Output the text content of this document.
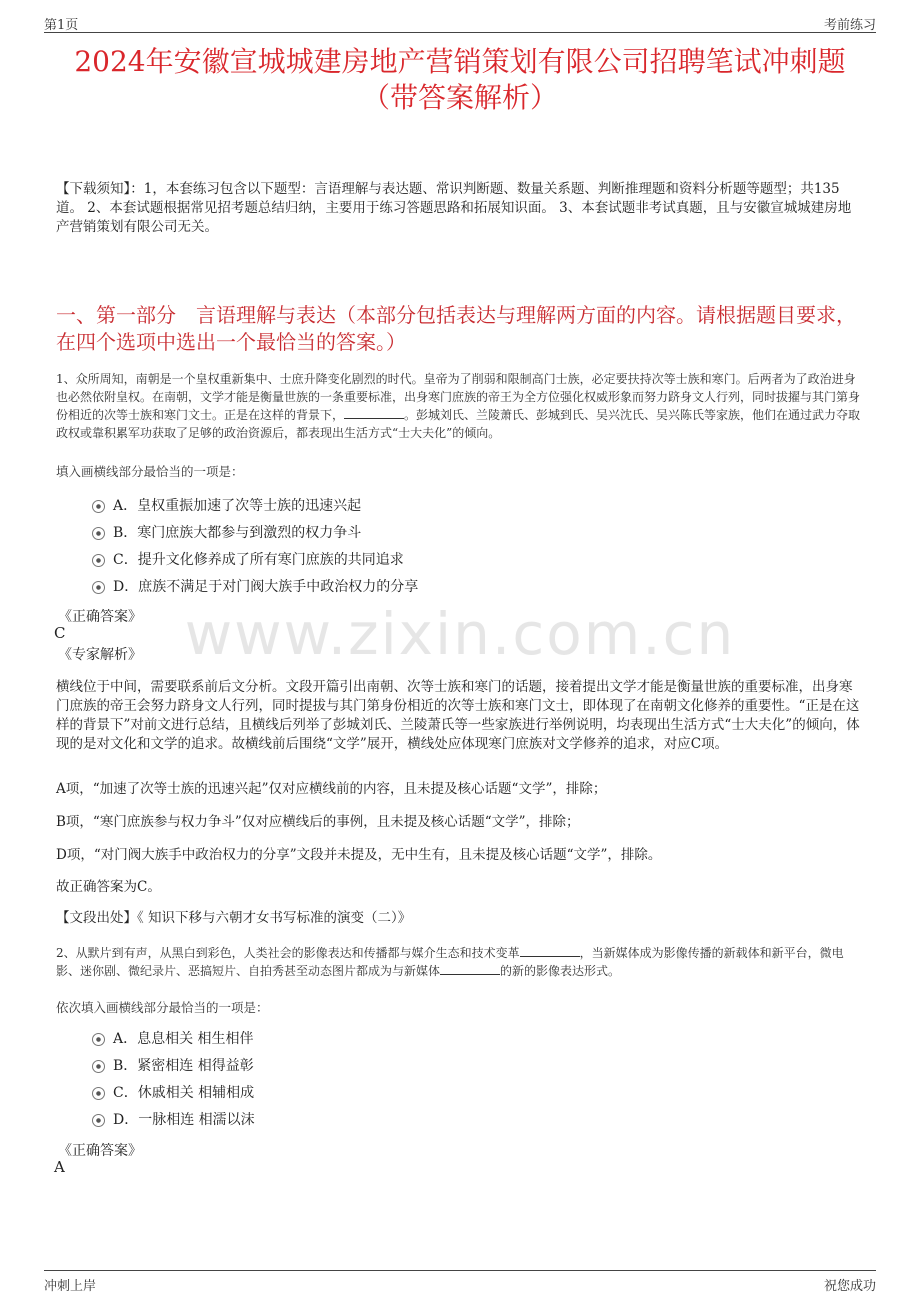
第1页	考前练习
2024年安徽宣城城建房地产营销策划有限公司招聘笔试冲刺题
（带答案解析）
【下载须知】：1，本套练习包含以下题型：言语理解与表达题、常识判断题、数量关系题、判断推理题和资料分析题等题型；共135道。 2、本套试题根据常见招考题总结归纳，主要用于练习答题思路和拓展知识面。 3、本套试题非考试真题，且与安徽宣城城建房地产营销策划有限公司无关。
一、第一部分　言语理解与表达（本部分包括表达与理解两方面的内容。请根据题目要求，在四个选项中选出一个最恰当的答案。）
1、众所周知，南朝是一个皇权重新集中、士庶升降变化剧烈的时代。皇帝为了削弱和限制高门士族，必定要扶持次等士族和寒门。后两者为了政治进身也必然依附皇权。在南朝，文学才能是衡量世族的一条重要标准，出身寒门庶族的帝王为全方位强化权威形象而努力跻身文人行列，同时拔擢与其门第身份相近的次等士族和寒门文士。正是在这样的背景下，	。彭城刘氏、兰陵萧氏、彭城到氏、吴兴沈氏、吴兴陈氏等家族，他们在通过武力夺取政权或靠积累军功获取了足够的政治资源后，都表现出生活方式“士大夫化”的倾向。
填入画横线部分最恰当的一项是：
A．皇权重振加速了次等士族的迅速兴起
B．寒门庶族大都参与到激烈的权力争斗
C．提升文化修养成了所有寒门庶族的共同追求
D．庶族不满足于对门阀大族手中政治权力的分享
《正确答案》
C
《专家解析》 www.zixin.com.cn
横线位于中间，需要联系前后文分析。文段开篇引出南朝、次等士族和寒门的话题，接着提出文学才能是衡量世族的重要标准，出身寒门庶族的帝王会努力跻身文人行列，同时提拔与其门第身份相近的次等士族和寒门文士，即体现了在南朝文化修养的重要性。“正是在这样的背景下”对前文进行总结，且横线后列举了彭城刘氏、兰陵萧氏等一些家族进行举例说明，均表现出生活方式“士大夫化”的倾向，体现的是对文化和文学的追求。故横线前后围绕“文学”展开，横线处应体现寒门庶族对文学修养的追求，对应C项。
A项，“加速了次等士族的迅速兴起”仅对应横线前的内容，且未提及核心话题“文学”，排除；
B项，“寒门庶族参与权力争斗”仅对应横线后的事例，且未提及核心话题“文学”，排除；
D项，“对门阀大族手中政治权力的分享”文段并未提及，无中生有，且未提及核心话题“文学”，排除。
故正确答案为C。
【文段出处】《 知识下移与六朝才女书写标准的演变（二）》
2、从默片到有声，从黑白到彩色，人类社会的影像表达和传播都与媒介生态和技术变革	，当新媒体成为影像传播的新载体和新平台，微电影、迷你剧、微纪录片、恶搞短片、自拍秀甚至动态图片都成为与新媒体	的新的影像表达形式。
依次填入画横线部分最恰当的一项是：
A．息息相关 相生相伴
B．紧密相连 相得益彰
C．休戚相关 相辅相成
D．一脉相连 相濡以沫
《正确答案》
A
冲刺上岸	祝您成功
